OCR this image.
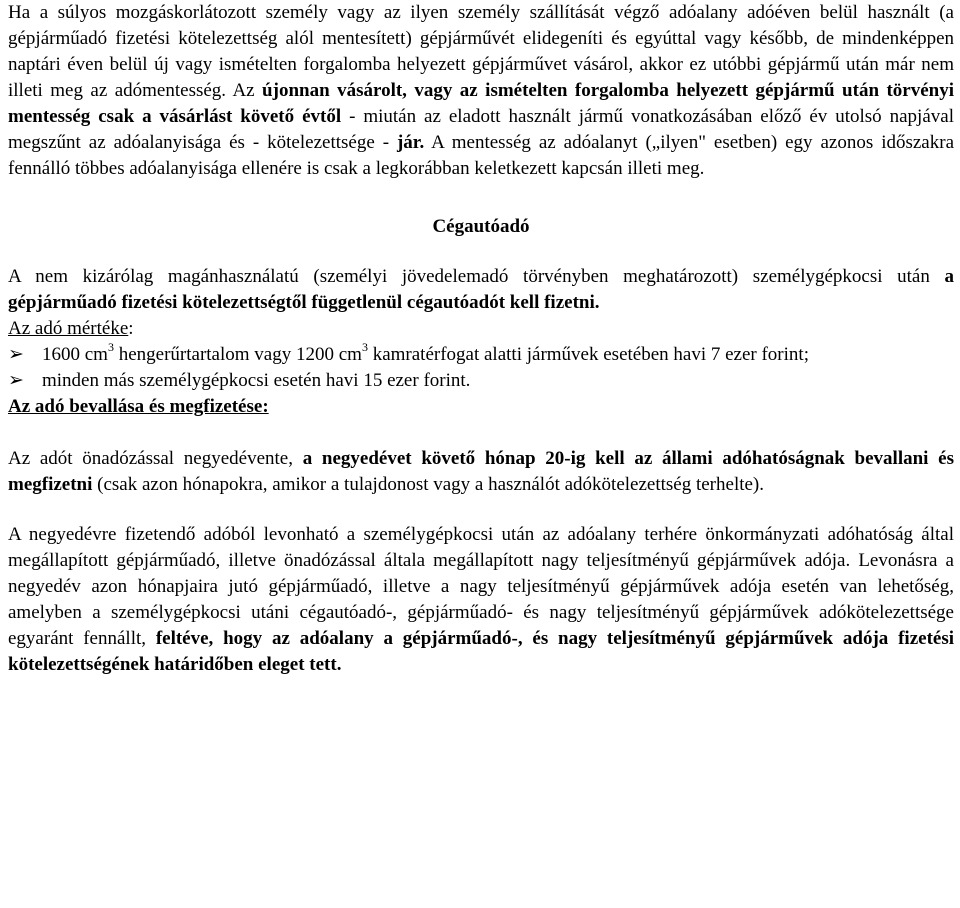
Ha a súlyos mozgáskorlátozott személy vagy az ilyen személy szállítását végző adóalany adóéven belül használt (a gépjárműadó fizetési kötelezettség alól mentesített) gépjárművét elidegeníti és egyúttal vagy később, de mindenképpen naptári éven belül új vagy ismételten forgalomba helyezett gépjárművet vásárol, akkor ez utóbbi gépjármű után már nem illeti meg az adómentesség. Az újonnan vásárolt, vagy az ismételten forgalomba helyezett gépjármű után törvényi mentesség csak a vásárlást követő évtől - miután az eladott használt jármű vonatkozásában előző év utolsó napjával megszűnt az adóalanyisága és - kötelezettsége - jár. A mentesség az adóalanyt („ilyen" esetben) egy azonos időszakra fennálló többes adóalanyisága ellenére is csak a legkorábban keletkezett kapcsán illeti meg.

Cégautóadó

A nem kizárólag magánhasználatú (személyi jövedelemadó törvényben meghatározott) személygépkocsi után a gépjárműadó fizetési kötelezettségtől függetlenül cégautóadót kell fizetni.

Az adó mértéke:

➢ 1600 $cm^3$ hengerűrtartalom vagy 1200 $cm^3$ kamratérfogat alatti járművek esetében havi 7 ezer forint;
➢ minden más személygépkocsi esetén havi 15 ezer forint.

Az adó bevallása és megfizetése:

Az adót önadózással negyedévente, a negyedévet követő hónap 20-ig kell az állami adóhatóságnak bevallani és megfizetni (csak azon hónapokra, amikor a tulajdonost vagy a használót adókötelezettség terhelte).

A negyedévre fizetendő adóból levonható a személygépkocsi után az adóalany terhére önkormányzati adóhatóság által megállapított gépjárműadó, illetve önadózással általa megállapított nagy teljesítményű gépjárművek adója. Levonásra a negyedév azon hónapjaira jutó gépjárműadó, illetve a nagy teljesítményű gépjárművek adója esetén van lehetőség, amelyben a személygépkocsi utáni cégautóadó-, gépjárműadó- és nagy teljesítményű gépjárművek adókötelezettsége egyaránt fennállt, feltéve, hogy az adóalany a gépjárműadó-, és nagy teljesítményű gépjárművek adója fizetési kötelezettségének határidőben eleget tett.
